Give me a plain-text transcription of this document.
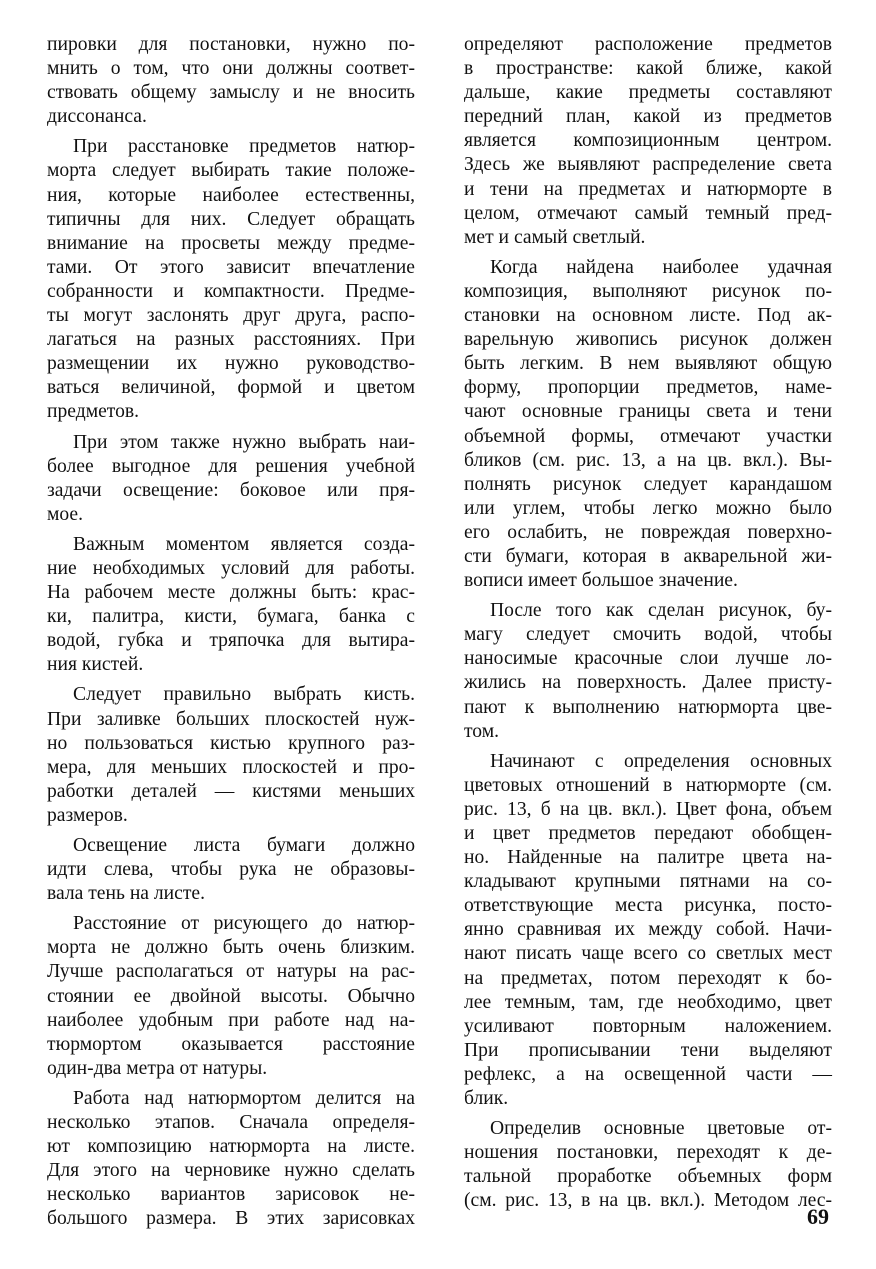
пировки для постановки, нужно по-
мнить о том, что они должны соответ-
ствовать общему замыслу и не вносить
диссонанса.
При расстановке предметов натюр-
морта следует выбирать такие положе-
ния, которые наиболее естественны,
типичны для них. Следует обращать
внимание на просветы между предме-
тами. От этого зависит впечатление
собранности и компактности. Предме-
ты могут заслонять друг друга, распо-
лагаться на разных расстояниях. При
размещении их нужно руководство-
ваться величиной, формой и цветом
предметов.
При этом также нужно выбрать наи-
более выгодное для решения учебной
задачи освещение: боковое или пря-
мое.
Важным моментом является созда-
ние необходимых условий для работы.
На рабочем месте должны быть: крас-
ки, палитра, кисти, бумага, банка с
водой, губка и тряпочка для вытира-
ния кистей.
Следует правильно выбрать кисть.
При заливке больших плоскостей нуж-
но пользоваться кистью крупного раз-
мера, для меньших плоскостей и про-
работки деталей — кистями меньших
размеров.
Освещение листа бумаги должно
идти слева, чтобы рука не образовы-
вала тень на листе.
Расстояние от рисующего до натюр-
морта не должно быть очень близким.
Лучше располагаться от натуры на рас-
стоянии ее двойной высоты. Обычно
наиболее удобным при работе над на-
тюрмортом оказывается расстояние
один-два метра от натуры.
Работа над натюрмортом делится на
несколько этапов. Сначала определя-
ют композицию натюрморта на листе.
Для этого на черновике нужно сделать
несколько вариантов зарисовок не-
большого размера. В этих зарисовках
определяют расположение предметов
в пространстве: какой ближе, какой
дальше, какие предметы составляют
передний план, какой из предметов
является композиционным центром.
Здесь же выявляют распределение света
и тени на предметах и натюрморте в
целом, отмечают самый темный пред-
мет и самый светлый.
Когда найдена наиболее удачная
композиция, выполняют рисунок по-
становки на основном листе. Под ак-
варельную живопись рисунок должен
быть легким. В нем выявляют общую
форму, пропорции предметов, наме-
чают основные границы света и тени
объемной формы, отмечают участки
бликов (см. рис. 13, а на цв. вкл.). Вы-
полнять рисунок следует карандашом
или углем, чтобы легко можно было
его ослабить, не повреждая поверхно-
сти бумаги, которая в акварельной жи-
вописи имеет большое значение.
После того как сделан рисунок, бу-
магу следует смочить водой, чтобы
наносимые красочные слои лучше ло-
жились на поверхность. Далее присту-
пают к выполнению натюрморта цве-
том.
Начинают с определения основных
цветовых отношений в натюрморте (см.
рис. 13, б на цв. вкл.). Цвет фона, объем
и цвет предметов передают обобщен-
но. Найденные на палитре цвета на-
кладывают крупными пятнами на со-
ответствующие места рисунка, посто-
янно сравнивая их между собой. Начи-
нают писать чаще всего со светлых мест
на предметах, потом переходят к бо-
лее темным, там, где необходимо, цвет
усиливают повторным наложением.
При прописывании тени выделяют
рефлекс, а на освещенной части —
блик.
Определив основные цветовые от-
ношения постановки, переходят к де-
тальной проработке объемных форм
(см. рис. 13, в на цв. вкл.). Методом лес-
69
